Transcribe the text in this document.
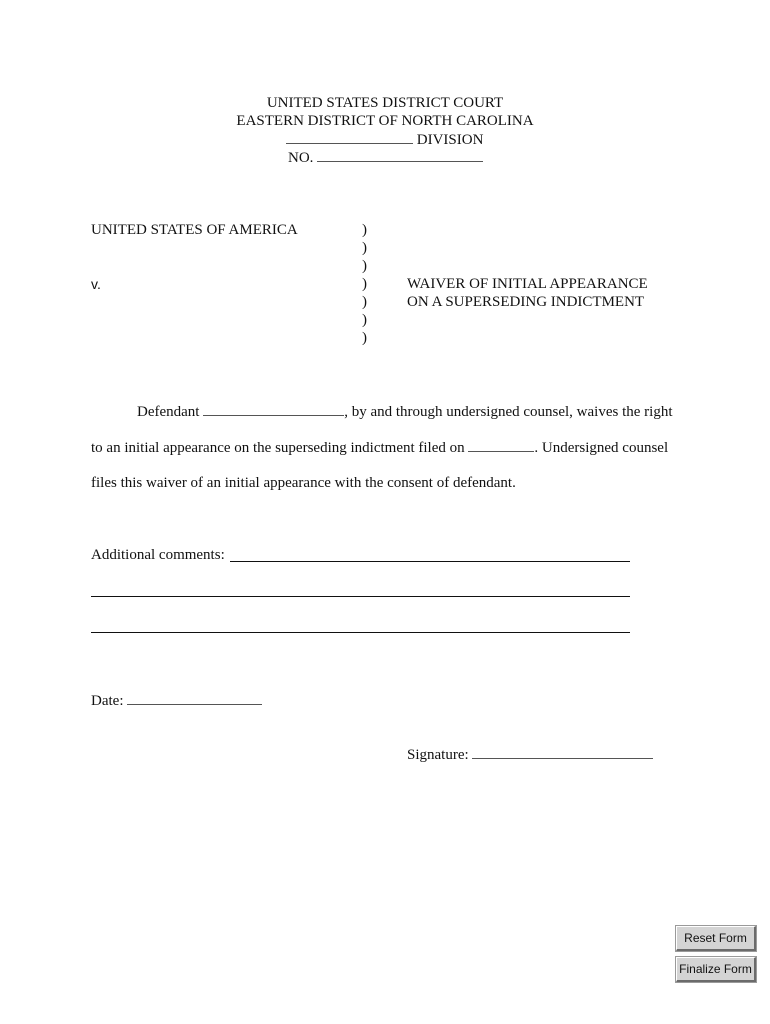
UNITED STATES DISTRICT COURT
EASTERN DISTRICT OF NORTH CAROLINA
DIVISION
NO.
UNITED STATES OF AMERICA
v.
)
)
)
)
)
)
)
WAIVER OF INITIAL APPEARANCE
ON A SUPERSEDING INDICTMENT
Defendant	, by and through undersigned counsel, waives the right
to an initial appearance on the superseding indictment filed on	. Undersigned counsel
files this waiver of an initial appearance with the consent of defendant.
Additional comments:
Date:
Signature:
Reset Form
Finalize Form
